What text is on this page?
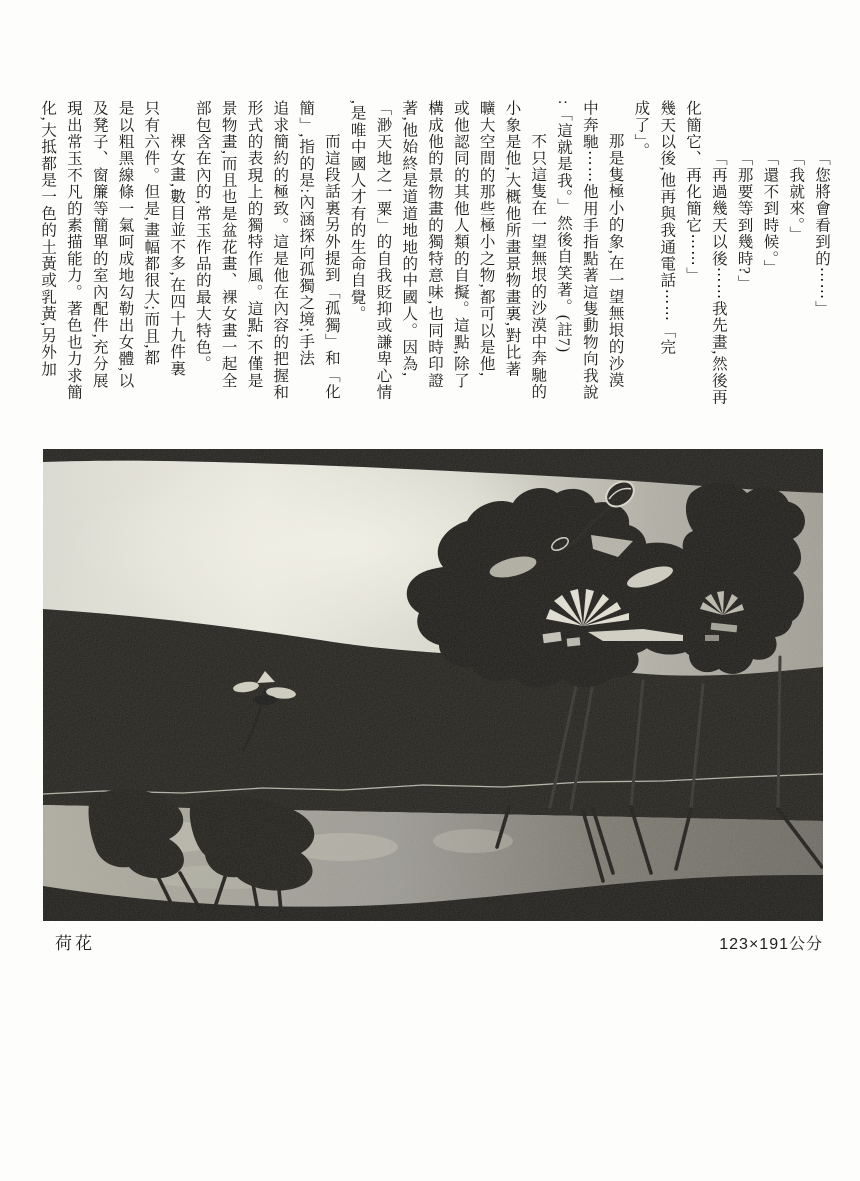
「您將會看到的⋯⋯」
「我就來。」
「還不到時候。」
「那要等到幾時?」
「再過幾天以後⋯⋯我先畫,然後再
化簡它、再化簡它⋯⋯」
幾天以後,他再與我通電話⋯⋯「完
成了」。
那是隻極小的象,在一望無垠的沙漠
中奔馳⋯⋯他用手指點著這隻動物向我說
:「這就是我。」然後自笑著。(註7)
不只這隻在一望無垠的沙漠中奔馳的
小象是他,大概他所畫景物畫裏,對比著
曠大空間的那些極小之物,都可以是他,
或他認同的其他人類的自擬。這點,除了
構成他的景物畫的獨特意味,也同時印證
著,他始終是道道地地的中國人。因為,
「渺天地之一粟」的自我貶抑或謙卑心情
,是唯中國人才有的生命自覺。
而這段話裏另外提到「孤獨」和「化
簡」,指的是:內涵探向孤獨之境;手法
追求簡約的極致。這是他在內容的把握和
形式的表現上的獨特作風。這點,不僅是
景物畫,而且也是盆花畫、裸女畫一起全
部包含在內的,常玉作品的最大特色。
裸女畫,數目並不多,在四十九件裏
只有六件。但是,畫幅都很大;而且,都
是以粗黑線條一氣呵成地勾勒出女體,以
及凳子、窗簾等簡單的室內配件,充分展
現出常玉不凡的素描能力。著色也力求簡
化,大抵都是一色的土黃或乳黃,另外加
荷花	123×191公分
